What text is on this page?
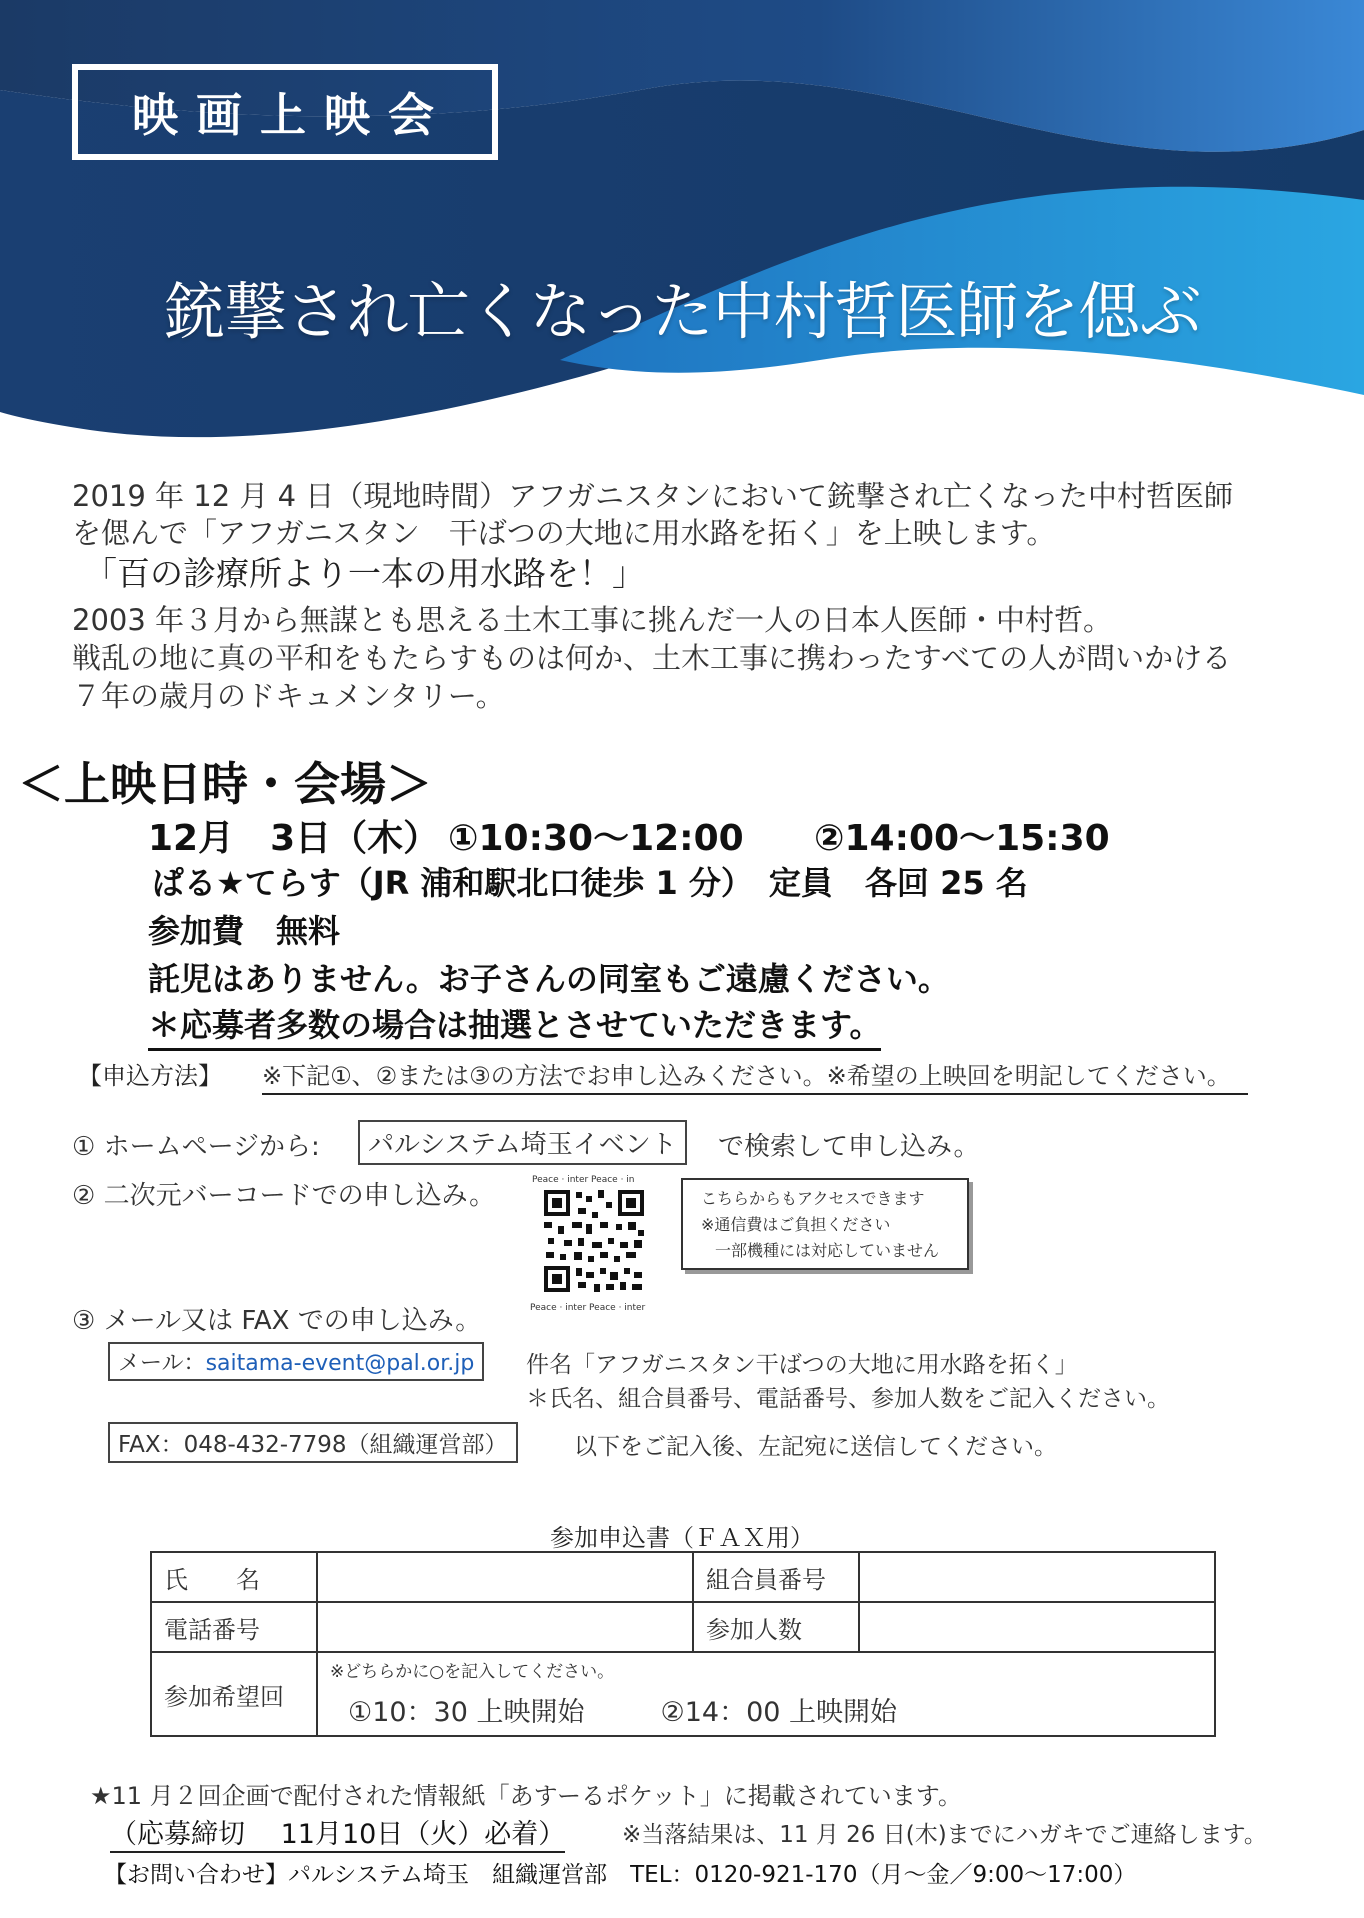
映画上映会
銃撃され亡くなった中村哲医師を偲ぶ
2019 年 12 月 4 日（現地時間）アフガニスタンにおいて銃撃され亡くなった中村哲医師
を偲んで「アフガニスタン　干ばつの大地に用水路を拓く」を上映します。
「百の診療所より一本の用水路を！」
2003 年３月から無謀とも思える土木工事に挑んだ一人の日本人医師・中村哲。
戦乱の地に真の平和をもたらすものは何か、土木工事に携わったすべての人が問いかける
７年の歳月のドキュメンタリー。
＜上映日時・会場＞
12月　3日（木） ①10:30～12:00 ②14:00～15:30
ぱる★てらす（JR 浦和駅北口徒歩 1 分）　定員　各回 25 名
参加費　無料
託児はありません。お子さんの同室もご遠慮ください。
＊応募者多数の場合は抽選とさせていただきます。
【申込方法】 ※下記①、②または③の方法でお申し込みください。※希望の上映回を明記してください。
① ホームページから:	パルシステム埼玉イベント	で検索して申し込み。
② 二次元バーコードでの申し込み。
Peace · inter Peace · in
Peace · inter Peace · inter
こちらからもアクセスできます
※通信費はご負担ください
一部機種には対応していません
③ メール又は FAX での申し込み。
メール：saitama-event@pal.or.jp	件名「アフガニスタン干ばつの大地に用水路を拓く」
＊氏名、組合員番号、電話番号、参加人数をご記入ください。
FAX：048-432-7798（組織運営部）	以下をご記入後、左記宛に送信してください。
参加申込書（ＦＡＸ用）
氏　　名		組合員番号	
電話番号		参加人数	
参加希望回	※どちらかに○を記入してください。
①10：30 上映開始 ②14：00 上映開始		
★11 月２回企画で配付された情報紙「あすーるポケット」に掲載されています。
（応募締切　 11月10日（火）必着） ※当落結果は、11 月 26 日(木)までにハガキでご連絡します。
【お問い合わせ】パルシステム埼玉　組織運営部　TEL：0120-921-170（月～金／9:00～17:00）
